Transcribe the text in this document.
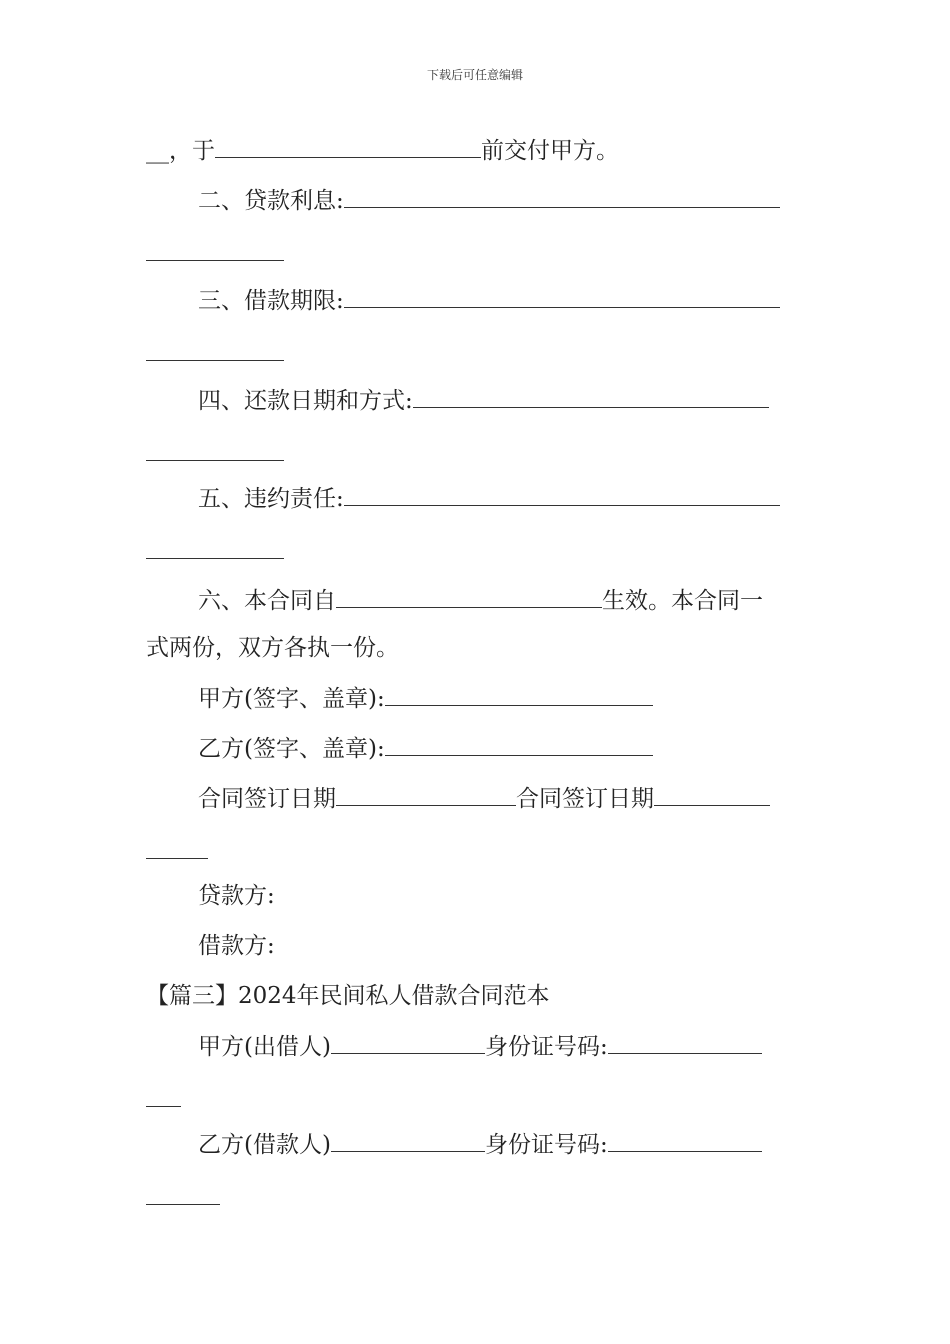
下载后可任意编辑
__，于	前交付甲方。
二、贷款利息:
三、借款期限:
四、还款日期和方式:
五、违约责任:
六、本合同自	生效。本合同一
式两份，双方各执一份。
甲方(签字、盖章):
乙方(签字、盖章):
合同签订日期	合同签订日期
贷款方:
借款方:
【篇三】2024年民间私人借款合同范本
甲方(出借人)	身份证号码:
乙方(借款人)	身份证号码:
